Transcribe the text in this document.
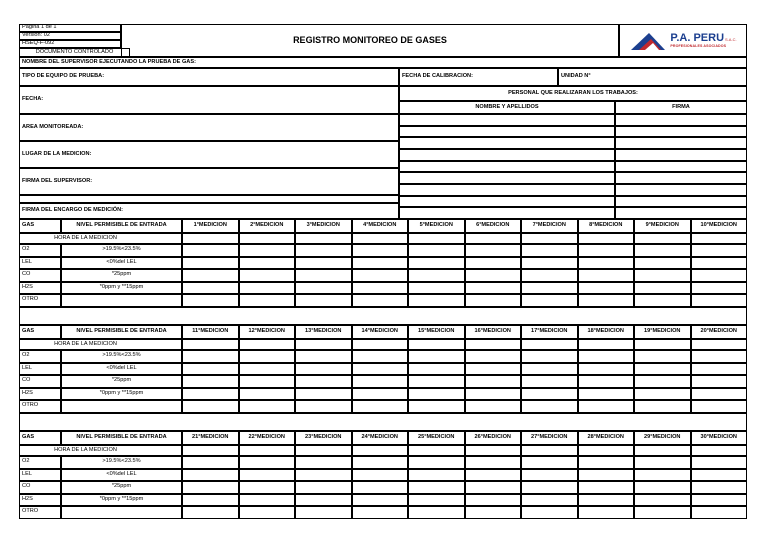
Pagina 1 de 1
Version: 02
HSEQ-F-092
DOCUMENTO CONTROLADO
REGISTRO MONITOREO DE GASES	P.A. PERUS.A.C.
PROFESIONALES ASOCIADOS
NOMBRE DEL SUPERVISOR EJECUTANDO LA PRUEBA DE GAS:
TIPO DE EQUIPO DE PRUEBA:	FECHA DE CALIBRACION:	UNIDAD N°
FECHA:
PERSONAL QUE REALIZARAN LOS TRABAJOS:
NOMBRE Y APELLIDOS	FIRMA
AREA MONITOREADA:
LUGAR DE LA MEDICION:
FIRMA DEL SUPERVISOR:
FIRMA DEL ENCARGO DE MEDICIÓN:
GAS	NIVEL PERMISIBLE DE ENTRADA	1°MEDICION	2°MEDICION	3°MEDICION	4°MEDICION	5°MEDICION	6°MEDICION	7°MEDICION	8°MEDICION	9°MEDICION	10°MEDICION
HORA DE LA MEDICION
O2	>19.5%<23.5%
LEL	<0%del LEL
CO	*25ppm
H2S	*0ppm y **15ppm
OTRO
GAS	NIVEL PERMISIBLE DE ENTRADA	11°MEDICION	12°MEDICION	13°MEDICION	14°MEDICION	15°MEDICION	16°MEDICION	17°MEDICION	18°MEDICION	19°MEDICION	20°MEDICION
HORA DE LA MEDICION
O2	>19.5%<23.5%
LEL	<0%del LEL
CO	*25ppm
H2S	*0ppm y **15ppm
OTRO
GAS	NIVEL PERMISIBLE DE ENTRADA	21°MEDICION	22°MEDICION	23°MEDICION	24°MEDICION	25°MEDICION	26°MEDICION	27°MEDICION	28°MEDICION	29°MEDICION	30°MEDICION
HORA DE LA MEDICION
O2	>19.5%<23.5%
LEL	<0%del LEL
CO	*25ppm
H2S	*0ppm y **15ppm
OTRO
